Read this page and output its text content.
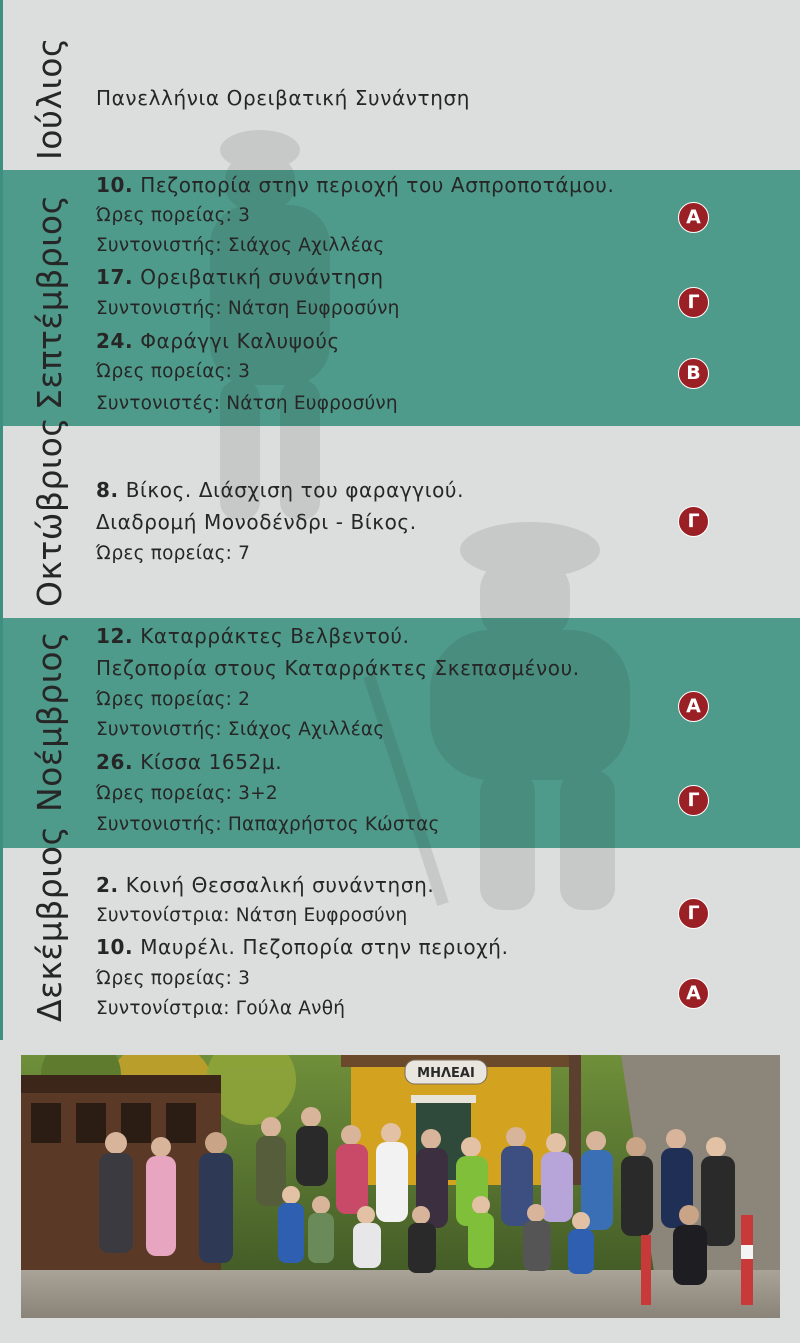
Ιούλιος
Σεπτέμβριος
Οκτώβριος
Νοέμβριος
Δεκέμβριος
Πανελλήνια Ορειβατική Συνάντηση
10. Πεζοπορία στην περιοχή του Ασπροποτάμου.
Ώρες πορείας: 3
Συντονιστής: Σιάχος Αχιλλέας
Α
17. Ορειβατική συνάντηση
Συντονιστής: Νάτση Ευφροσύνη	Γ
24. Φαράγγι Καλυψούς
Ώρες πορείας: 3
Συντονιστές: Νάτση Ευφροσύνη
Β
8. Βίκος. Διάσχιση του φαραγγιού.
Διαδρομή Μονοδένδρι - Βίκος.
Ώρες πορείας: 7
Γ
12. Καταρράκτες Βελβεντού.
Πεζοπορία στους Καταρράκτες Σκεπασμένου.
Ώρες πορείας: 2
Συντονιστής: Σιάχος Αχιλλέας
Α
26. Κίσσα 1652μ.
Ώρες πορείας: 3+2
Συντονιστής: Παπαχρήστος Κώστας
Γ
2. Κοινή Θεσσαλική συνάντηση.
Συντονίστρια: Νάτση Ευφροσύνη	Γ
10. Μαυρέλι. Πεζοπορία στην περιοχή.
Ώρες πορείας: 3
Συντονίστρια: Γούλα Ανθή
Α
ΜΗΛΕΑΙ
